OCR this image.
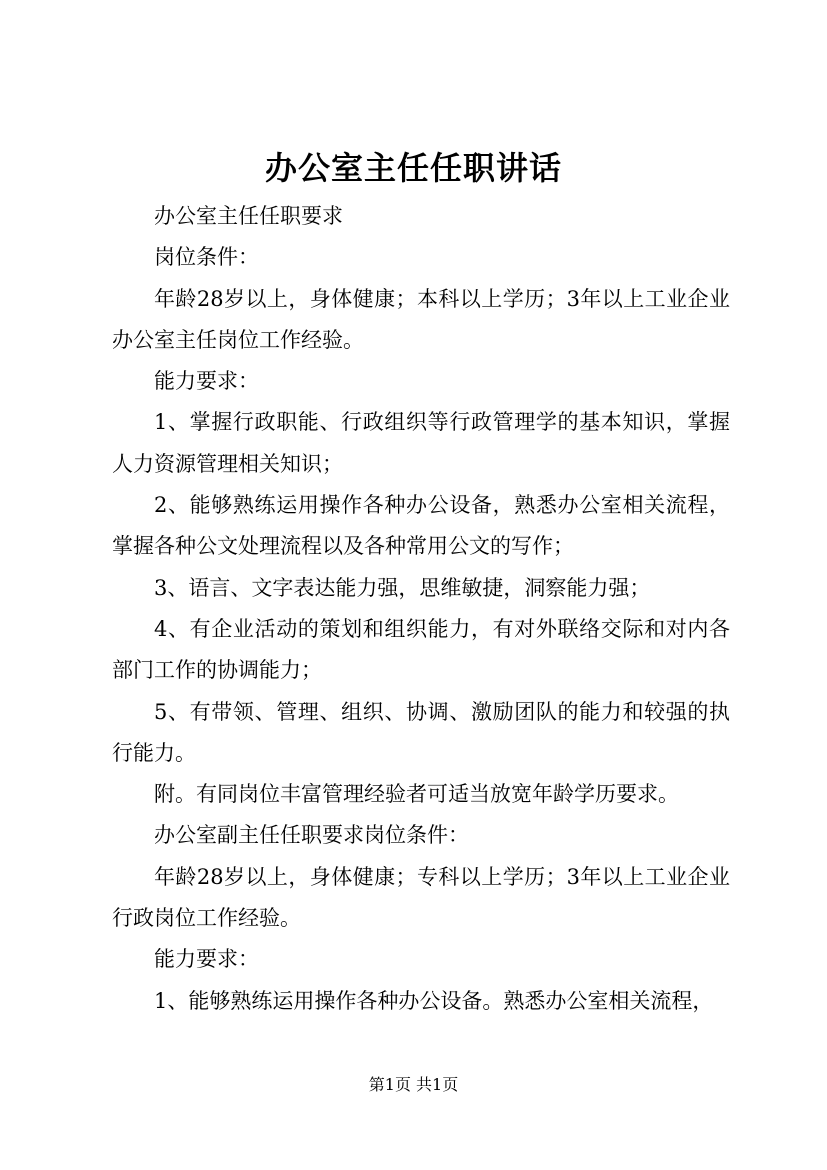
办公室主任任职讲话

办公室主任任职要求

岗位条件：

年龄28岁以上，身体健康；本科以上学历；3年以上工业企业办公室主任岗位工作经验。

能力要求：

1、掌握行政职能、行政组织等行政管理学的基本知识，掌握人力资源管理相关知识；

2、能够熟练运用操作各种办公设备，熟悉办公室相关流程，掌握各种公文处理流程以及各种常用公文的写作；

3、语言、文字表达能力强，思维敏捷，洞察能力强；

4、有企业活动的策划和组织能力，有对外联络交际和对内各部门工作的协调能力；

5、有带领、管理、组织、协调、激励团队的能力和较强的执行能力。

附。有同岗位丰富管理经验者可适当放宽年龄学历要求。

办公室副主任任职要求岗位条件：

年龄28岁以上，身体健康；专科以上学历；3年以上工业企业行政岗位工作经验。

能力要求：

1、能够熟练运用操作各种办公设备。熟悉办公室相关流程，

第1页 共1页
